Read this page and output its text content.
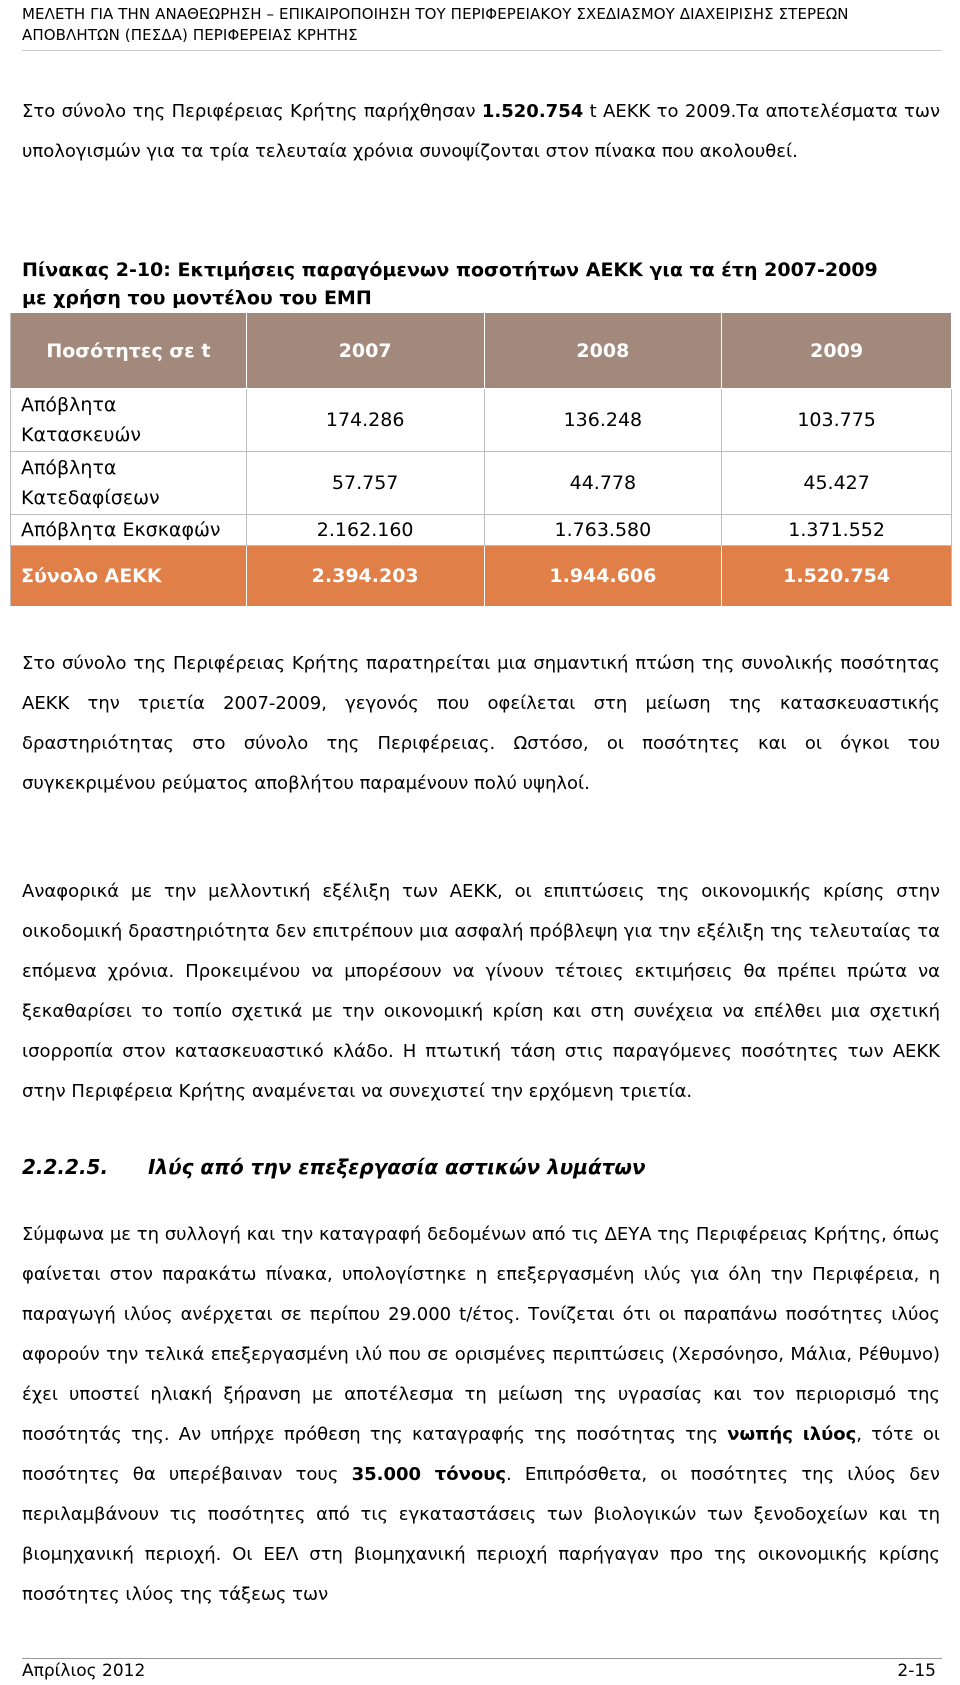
ΜΕΛΕΤΗ ΓΙΑ ΤΗΝ ΑΝΑΘΕΩΡΗΣΗ – ΕΠΙΚΑΙΡΟΠΟΙΗΣΗ ΤΟΥ ΠΕΡΙΦΕΡΕΙΑΚΟΥ ΣΧΕΔΙΑΣΜΟΥ ΔΙΑΧΕΙΡΙΣΗΣ ΣΤΕΡΕΩΝ
ΑΠΟΒΛΗΤΩΝ (ΠΕΣΔΑ) ΠΕΡΙΦΕΡΕΙΑΣ ΚΡΗΤΗΣ
Στο σύνολο της Περιφέρειας Κρήτης παρήχθησαν 1.520.754 t ΑΕΚΚ το 2009.Τα αποτελέσματα των υπολογισμών για τα τρία τελευταία χρόνια συνοψίζονται στον πίνακα που ακολουθεί.
Πίνακας 2-10: Εκτιμήσεις παραγόμενων ποσοτήτων ΑΕΚΚ για τα έτη 2007-2009
με χρήση του μοντέλου του ΕΜΠ
Ποσότητες σε t	2007	2008	2009

Απόβλητα
Κατασκευών	174.286	136.248	103.775

Απόβλητα
Κατεδαφίσεων	57.757	44.778	45.427
Απόβλητα Εκσκαφών	2.162.160	1.763.580	1.371.552
Σύνολο ΑΕΚΚ	2.394.203	1.944.606	1.520.754
Στο σύνολο της Περιφέρειας Κρήτης παρατηρείται μια σημαντική πτώση της συνολικής ποσότητας ΑΕΚΚ την τριετία 2007-2009, γεγονός που οφείλεται στη μείωση της κατασκευαστικής δραστηριότητας στο σύνολο της Περιφέρειας. Ωστόσο, οι ποσότητες και οι όγκοι του συγκεκριμένου ρεύματος αποβλήτου παραμένουν πολύ υψηλοί.
Αναφορικά με την μελλοντική εξέλιξη των ΑΕΚΚ, οι επιπτώσεις της οικονομικής κρίσης στην οικοδομική δραστηριότητα δεν επιτρέπουν μια ασφαλή πρόβλεψη για την εξέλιξη της τελευταίας τα επόμενα χρόνια. Προκειμένου να μπορέσουν να γίνουν τέτοιες εκτιμήσεις θα πρέπει πρώτα να ξεκαθαρίσει το τοπίο σχετικά με την οικονομική κρίση και στη συνέχεια να επέλθει μια σχετική ισορροπία στον κατασκευαστικό κλάδο. Η πτωτική τάση στις παραγόμενες ποσότητες των ΑΕΚΚ στην Περιφέρεια Κρήτης αναμένεται να συνεχιστεί την ερχόμενη τριετία.
2.2.2.5. Ιλύς από την επεξεργασία αστικών λυμάτων
Σύμφωνα με τη συλλογή και την καταγραφή δεδομένων από τις ΔΕΥΑ της Περιφέρειας Κρήτης, όπως φαίνεται στον παρακάτω πίνακα, υπολογίστηκε η επεξεργασμένη ιλύς για όλη την Περιφέρεια, η παραγωγή ιλύος ανέρχεται σε περίπου 29.000 t/έτος. Τονίζεται ότι οι παραπάνω ποσότητες ιλύος αφορούν την τελικά επεξεργασμένη ιλύ που σε ορισμένες περιπτώσεις (Χερσόνησο, Μάλια, Ρέθυμνο) έχει υποστεί ηλιακή ξήρανση με αποτέλεσμα τη μείωση της υγρασίας και τον περιορισμό της ποσότητάς της. Αν υπήρχε πρόθεση της καταγραφής της ποσότητας της νωπής ιλύος, τότε οι ποσότητες θα υπερέβαιναν τους 35.000 τόνους. Επιπρόσθετα, οι ποσότητες της ιλύος δεν περιλαμβάνουν τις ποσότητες από τις εγκαταστάσεις των βιολογικών των ξενοδοχείων και τη βιομηχανική περιοχή. Οι ΕΕΛ στη βιομηχανική περιοχή παρήγαγαν προ της οικονομικής κρίσης ποσότητες ιλύος της τάξεως των
Απρίλιος 2012	2-15
